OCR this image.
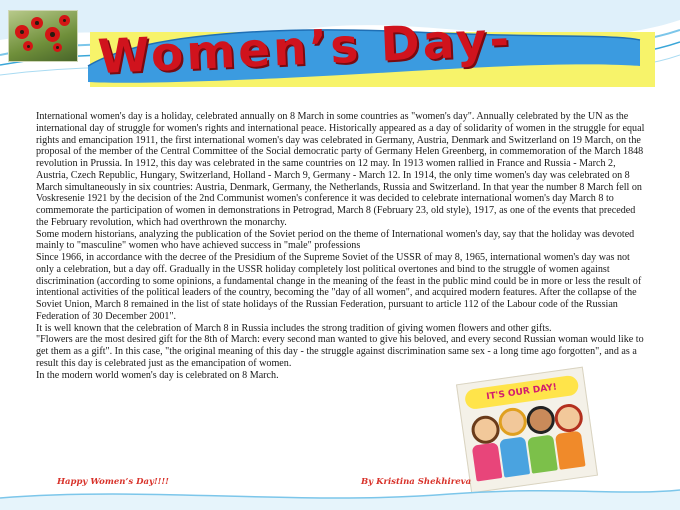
Women’s Day-

International women's day is a holiday, celebrated annually on 8 March in some countries as "women's day". Annually celebrated by the UN as the international day of struggle for women's rights and international peace. Historically appeared as a day of solidarity of women in the struggle for equal rights and emancipation 1911, the first international women's day was celebrated in Germany, Austria, Denmark and Switzerland on 19 March, on the proposal of the member of the Central Committee of the Social democratic party of Germany Helen Greenberg, in commemoration of the March 1848 revolution in Prussia. In 1912, this day was celebrated in the same countries on 12 may. In 1913 women rallied in France and Russia - March 2, Austria, Czech Republic, Hungary, Switzerland, Holland - March 9, Germany - March 12. In 1914, the only time women's day was celebrated on 8 March simultaneously in six countries: Austria, Denmark, Germany, the Netherlands, Russia and Switzerland. In that year the number 8 March fell on Voskresenie 1921 by the decision of the 2nd Communist women's conference it was decided to celebrate international women's day March 8 to commemorate the participation of women in demonstrations in Petrograd, March 8 (February 23, old style), 1917, as one of the events that preceded the February revolution, which had overthrown the monarchy.

Some modern historians, analyzing the publication of the Soviet period on the theme of International women's day, say that the holiday was devoted mainly to "masculine" women who have achieved success in "male" professions

Since 1966, in accordance with the decree of the Presidium of the Supreme Soviet of the USSR of may 8, 1965, international women's day was not only a celebration, but a day off. Gradually in the USSR holiday completely lost political overtones and bind to the struggle of women against discrimination (according to some opinions, a fundamental change in the meaning of the feast in the public mind could be in more or less the result of intentional activities of the political leaders of the country, becoming the "day of all women", and acquired modern features. After the collapse of the Soviet Union, March 8 remained in the list of state holidays of the Russian Federation, pursuant to article 112 of the Labour code of the Russian Federation of 30 December 2001".

It is well known that the celebration of March 8 in Russia includes the strong tradition of giving women flowers and other gifts.

"Flowers are the most desired gift for the 8th of March: every second man wanted to give his beloved, and every second Russian woman would like to get them as a gift". In this case, "the original meaning of this day - the struggle against discrimination same sex - a long time ago forgotten", and as a result this day is celebrated just as the emancipation of women.

In the modern world women's day is celebrated on 8 March.

IT'S OUR DAY!
Happy Women’s Day!!!!	By Kristina Shekhireva
